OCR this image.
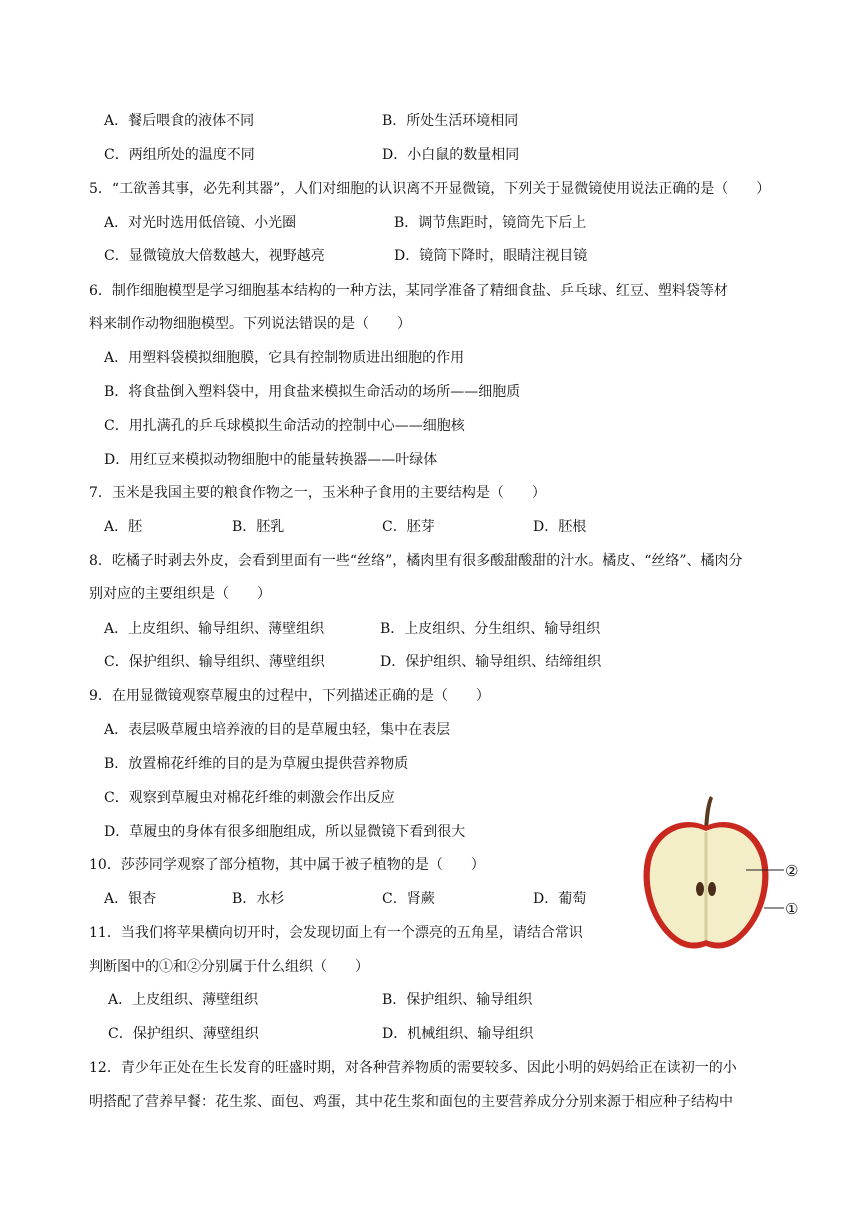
A．餐后喂食的液体不同	B．所处生活环境相同
C．两组所处的温度不同	D．小白鼠的数量相同
5．“工欲善其事，必先利其器”，人们对细胞的认识离不开显微镜，下列关于显微镜使用说法正确的是（　　）
A．对光时选用低倍镜、小光圈	B．调节焦距时，镜筒先下后上
C．显微镜放大倍数越大，视野越亮	D．镜筒下降时，眼睛注视目镜
6．制作细胞模型是学习细胞基本结构的一种方法，某同学准备了精细食盐、乒乓球、红豆、塑料袋等材
料来制作动物细胞模型。下列说法错误的是（　　）
A．用塑料袋模拟细胞膜，它具有控制物质进出细胞的作用
B．将食盐倒入塑料袋中，用食盐来模拟生命活动的场所——细胞质
C．用扎满孔的乒乓球模拟生命活动的控制中心——细胞核
D．用红豆来模拟动物细胞中的能量转换器——叶绿体
7．玉米是我国主要的粮食作物之一，玉米种子食用的主要结构是（　　）
A．胚	B．胚乳	C．胚芽	D．胚根
8．吃橘子时剥去外皮，会看到里面有一些“丝络”，橘肉里有很多酸甜酸甜的汁水。橘皮、“丝络”、橘肉分
别对应的主要组织是（　　）
A．上皮组织、输导组织、薄壁组织	B．上皮组织、分生组织、输导组织
C．保护组织、输导组织、薄壁组织	D．保护组织、输导组织、结缔组织
9．在用显微镜观察草履虫的过程中，下列描述正确的是（　　）
A．表层吸草履虫培养液的目的是草履虫轻，集中在表层
B．放置棉花纤维的目的是为草履虫提供营养物质
C．观察到草履虫对棉花纤维的刺激会作出反应
D．草履虫的身体有很多细胞组成，所以显微镜下看到很大
10．莎莎同学观察了部分植物，其中属于被子植物的是（　　）
A．银杏	B．水杉	C．肾蕨	D．葡萄
11．当我们将苹果横向切开时，会发现切面上有一个漂亮的五角星，请结合常识
判断图中的①和②分别属于什么组织（　　）
A．上皮组织、薄壁组织	B．保护组织、输导组织
C．保护组织、薄壁组织	D．机械组织、输导组织
12．青少年正处在生长发育的旺盛时期，对各种营养物质的需要较多、因此小明的妈妈给正在读初一的小
明搭配了营养早餐：花生浆、面包、鸡蛋，其中花生浆和面包的主要营养成分分别来源于相应种子结构中
②
①
